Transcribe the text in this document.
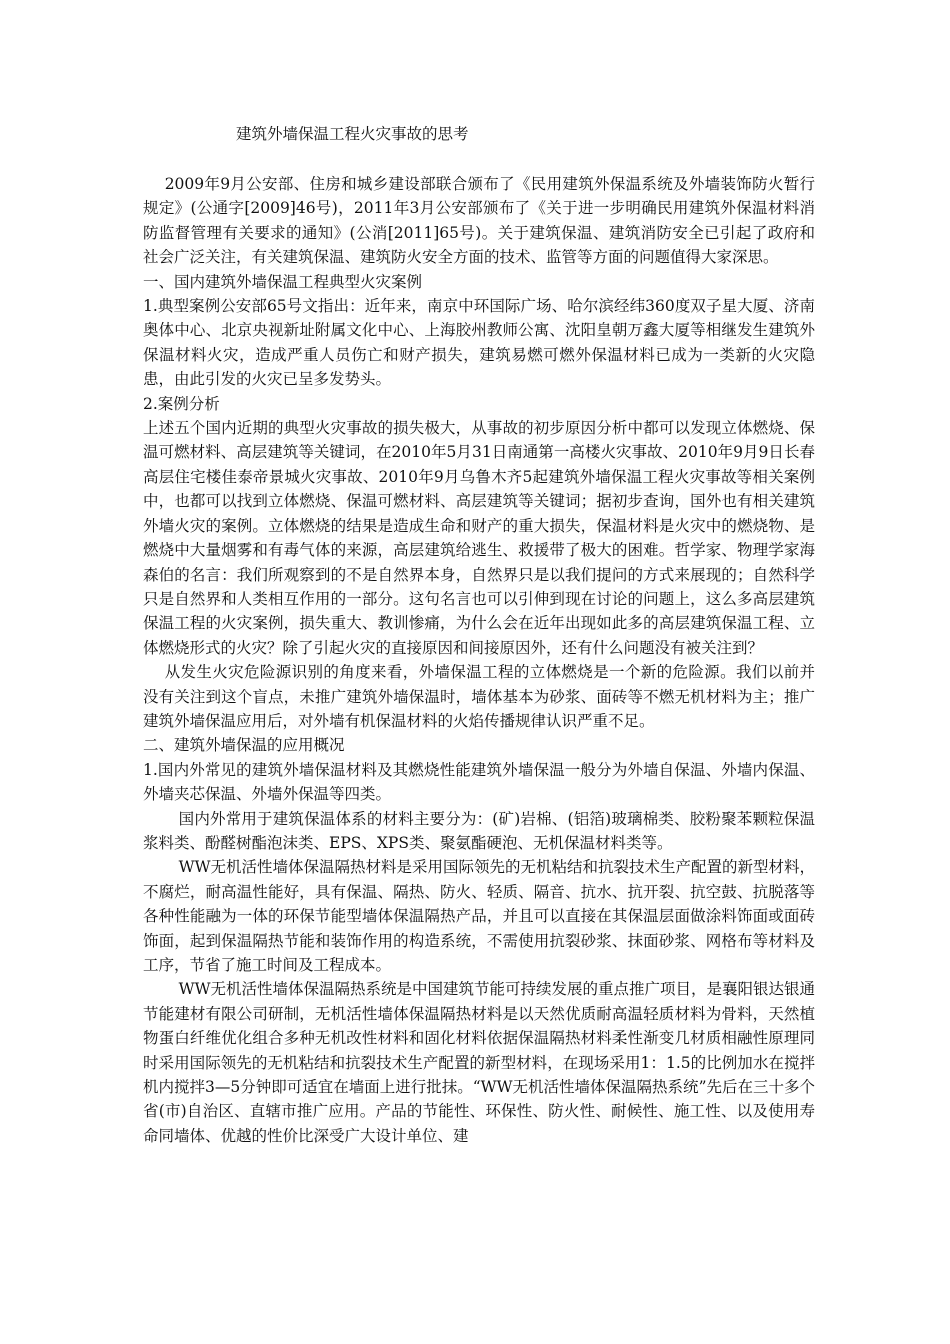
建筑外墙保温工程火灾事故的思考

2009年9月公安部、住房和城乡建设部联合颁布了《民用建筑外保温系统及外墙装饰防火暂行规定》(公通字[2009]46号)，2011年3月公安部颁布了《关于进一步明确民用建筑外保温材料消防监督管理有关要求的通知》(公消[2011]65号)。关于建筑保温、建筑消防安全已引起了政府和社会广泛关注，有关建筑保温、建筑防火安全方面的技术、监管等方面的问题值得大家深思。

一、国内建筑外墙保温工程典型火灾案例

1.典型案例公安部65号文指出：近年来，南京中环国际广场、哈尔滨经纬360度双子星大厦、济南奥体中心、北京央视新址附属文化中心、上海胶州教师公寓、沈阳皇朝万鑫大厦等相继发生建筑外保温材料火灾，造成严重人员伤亡和财产损失，建筑易燃可燃外保温材料已成为一类新的火灾隐患，由此引发的火灾已呈多发势头。

2.案例分析

上述五个国内近期的典型火灾事故的损失极大，从事故的初步原因分析中都可以发现立体燃烧、保温可燃材料、高层建筑等关键词，在2010年5月31日南通第一高楼火灾事故、2010年9月9日长春高层住宅楼佳泰帝景城火灾事故、2010年9月乌鲁木齐5起建筑外墙保温工程火灾事故等相关案例中，也都可以找到立体燃烧、保温可燃材料、高层建筑等关键词；据初步查询，国外也有相关建筑外墙火灾的案例。立体燃烧的结果是造成生命和财产的重大损失，保温材料是火灾中的燃烧物、是燃烧中大量烟雾和有毒气体的来源，高层建筑给逃生、救援带了极大的困难。哲学家、物理学家海森伯的名言：我们所观察到的不是自然界本身，自然界只是以我们提问的方式来展现的；自然科学只是自然界和人类相互作用的一部分。这句名言也可以引伸到现在讨论的问题上，这么多高层建筑保温工程的火灾案例，损失重大、教训惨痛，为什么会在近年出现如此多的高层建筑保温工程、立体燃烧形式的火灾？除了引起火灾的直接原因和间接原因外，还有什么问题没有被关注到？

从发生火灾危险源识别的角度来看，外墙保温工程的立体燃烧是一个新的危险源。我们以前并没有关注到这个盲点，未推广建筑外墙保温时，墙体基本为砂浆、面砖等不燃无机材料为主；推广建筑外墙保温应用后，对外墙有机保温材料的火焰传播规律认识严重不足。

二、建筑外墙保温的应用概况

1.国内外常见的建筑外墙保温材料及其燃烧性能建筑外墙保温一般分为外墙自保温、外墙内保温、外墙夹芯保温、外墙外保温等四类。

国内外常用于建筑保温体系的材料主要分为：(矿)岩棉、(铝箔)玻璃棉类、胶粉聚苯颗粒保温浆料类、酚醛树酯泡沫类、EPS、XPS类、聚氨酯硬泡、无机保温材料类等。

WW无机活性墙体保温隔热材料是采用国际领先的无机粘结和抗裂技术生产配置的新型材料，不腐烂，耐高温性能好，具有保温、隔热、防火、轻质、隔音、抗水、抗开裂、抗空鼓、抗脱落等各种性能融为一体的环保节能型墙体保温隔热产品，并且可以直接在其保温层面做涂料饰面或面砖饰面，起到保温隔热节能和装饰作用的构造系统，不需使用抗裂砂浆、抹面砂浆、网格布等材料及工序，节省了施工时间及工程成本。

WW无机活性墙体保温隔热系统是中国建筑节能可持续发展的重点推广项目，是襄阳银达银通节能建材有限公司研制，无机活性墙体保温隔热材料是以天然优质耐高温轻质材料为骨料，天然植物蛋白纤维优化组合多种无机改性材料和固化材料依据保温隔热材料柔性渐变几材质相融性原理同时采用国际领先的无机粘结和抗裂技术生产配置的新型材料，在现场采用1：1.5的比例加水在搅拌机内搅拌3—5分钟即可适宜在墙面上进行批抹。“WW无机活性墙体保温隔热系统”先后在三十多个省(市)自治区、直辖市推广应用。产品的节能性、环保性、防火性、耐候性、施工性、以及使用寿命同墙体、优越的性价比深受广大设计单位、建
